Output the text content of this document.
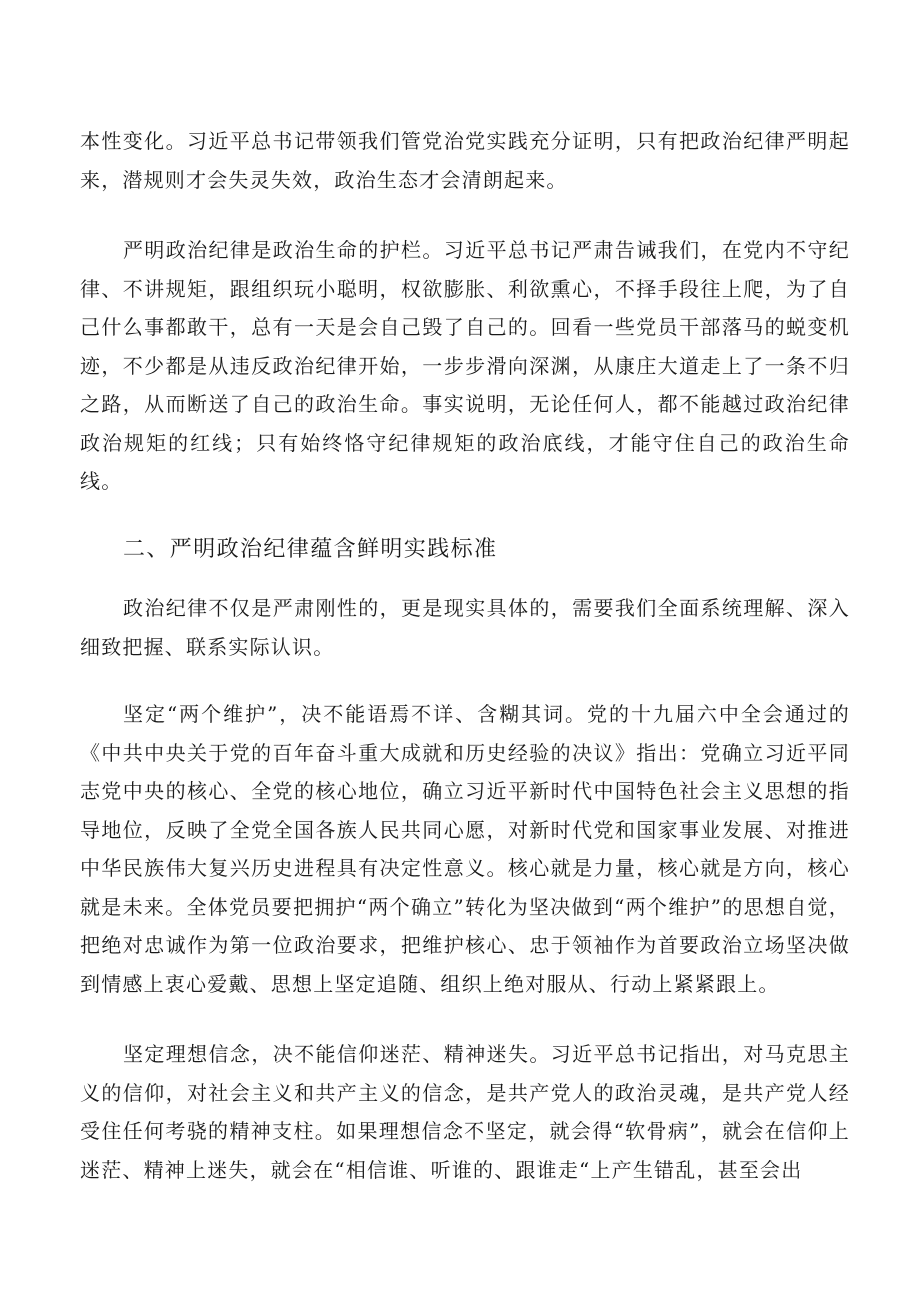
本性变化。习近平总书记带领我们管党治党实践充分证明，只有把政治纪律严明起来，潜规则才会失灵失效，政治生态才会清朗起来。

严明政治纪律是政治生命的护栏。习近平总书记严肃告诫我们，在党内不守纪律、不讲规矩，跟组织玩小聪明，权欲膨胀、利欲熏心，不择手段往上爬，为了自己什么事都敢干，总有一天是会自己毁了自己的。回看一些党员干部落马的蜕变机迹，不少都是从违反政治纪律开始，一步步滑向深渊，从康庄大道走上了一条不归之路，从而断送了自己的政治生命。事实说明，无论任何人，都不能越过政治纪律政治规矩的红线；只有始终恪守纪律规矩的政治底线，才能守住自己的政治生命线。

二、严明政治纪律蕴含鲜明实践标准

政治纪律不仅是严肃刚性的，更是现实具体的，需要我们全面系统理解、深入细致把握、联系实际认识。

坚定“两个维护”，决不能语焉不详、含糊其词。党的十九届六中全会通过的《中共中央关于党的百年奋斗重大成就和历史经验的决议》指出：党确立习近平同志党中央的核心、全党的核心地位，确立习近平新时代中国特色社会主义思想的指导地位，反映了全党全国各族人民共同心愿，对新时代党和国家事业发展、对推进中华民族伟大复兴历史进程具有决定性意义。核心就是力量，核心就是方向，核心就是未来。全体党员要把拥护“两个确立”转化为坚决做到“两个维护”的思想自觉，把绝对忠诚作为第一位政治要求，把维护核心、忠于领袖作为首要政治立场坚决做到情感上衷心爱戴、思想上坚定追随、组织上绝对服从、行动上紧紧跟上。

坚定理想信念，决不能信仰迷茫、精神迷失。习近平总书记指出，对马克思主义的信仰，对社会主义和共产主义的信念，是共产党人的政治灵魂，是共产党人经受住任何考骁的精神支柱。如果理想信念不坚定，就会得“软骨病”，就会在信仰上迷茫、精神上迷失，就会在“相信谁、听谁的、跟谁走“上产生错乱，甚至会出
